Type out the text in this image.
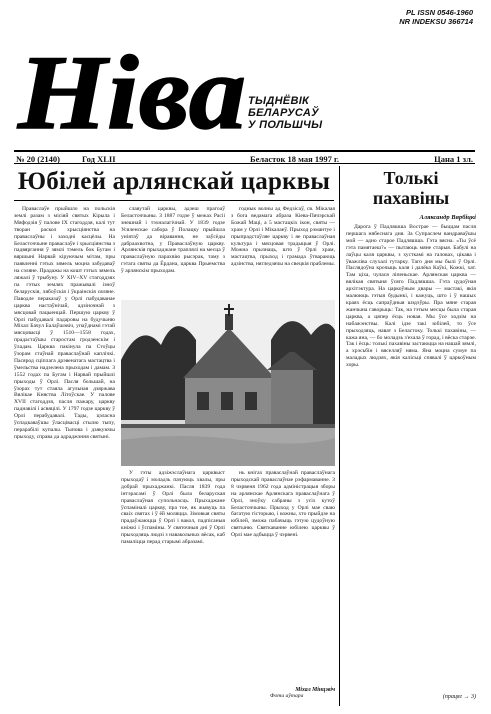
PL ISSN 0546-1960
NR INDEKSU 366714
Ніва ТЫДНЁВІК
БЕЛАРУСАЎ
У ПОЛЬШЧЫ
№ 20 (2140)	Год XLII	Беласток 18 мая 1997 г.	Цана 1 зл.
Юбілей арлянскай царквы	Толькі пахавіны
Аляксандр Вярбіцкі

Праваслаўе прыйшло на польскія землі разам з місіяй святых Кірыла і Мяфодзія ў палове IX стагоддзя, калі тут творан раскол хрысціянства на праваслаўны і заходні касцёлы. На Беласточчыне праваслаўе і хрысціянства з падвяргання ў зямлі тэмель бок Бугам і вяршыні Нарвай кіруючым мітам, пры паявленні гэтых зямель моцна забудаваў на сэляне. Прадажы на кошт гэтых зямель ляжалі ў трыбуну. У XIV–XV стагоддзях па гэтых землях пражывалі ізноў беларускія, лябоўскія і ўкраінскія сяляне. Паводле пераказаў у Орлі пабудаванае царква настаўнічай, адзіночнай з мясцовай пацыенцай. Першую царкву ў Орлі пабудавалі падаровы на будучыню Міхал Бачул Балаўшэвіч, упаўднамі гэтай мясцовасці ў 1510—1558 годах, прадастаўшы старостам гродзенскім і ўладам. Царква пакінула па Стоўцы ўзорам стаўнай праваслаўнай каплічкі. Пасярод сціплага дрэвенатага мастацтва і ўмельства надзелена прыходам і дамам. З 1552 годах па Бугам і Нарвай прыйшлі прыходы ў Орлі. Пасля большай, на ўзорах тут стаяла агульная дзяржава Вялікае Княства Літоўскае. У палове XVII стагоддзя, пасля пажару, царкву паднавілі і асвяцілі. У 1797 годзе царкву ў Орлі перабудавалі. Тады, цэласна ўспадкаваўшы ўласцівасці стылю тыпу, перарабілі купалы. Тыпова і дзякуючы прыходу, справа да адраджэння святыні.

славутай царквы, адзеш прагоаў Беласточчыны. З 1887 годзе ў межах Расіі знешнай і тэхналагічнай. У 1839 годзе Усяленскае сабора ў Полацку прыйшла уніятаў да віравання, не заўсёды дабраахвотна, у Праваслаўную царкву. Арлянскія прыхаджане траплялі на месца ў праваслаўную парахвію рысэрак, таму з гэтага святы да Ёрдана, царква Прыемства ў арлянскім прыходам.

годнык волны ад Федзісаў, св. Мікалая з бога ведамага абраза Кіева-Пячэрскай Божай Маці, а 5 мастацкіх ікон, святы — храм у Орлі і Мікалаеў. Прыход рэмантуе і прыпрадстаўляе царкву і яе праваслаўная культура і мясцовая традыцыя ў Орлі. Можна прызнаць, што ў Орлі храм, мастацтва, прыход і грамада ўтвараюць адзінства, нягледзячы на свецкія праблемы.

У гэты адзіжэслаўнага царквыст прыходаў і моладзь пачуюць хвалы, пры добрай прыхаджанкі. Пасля 1839 года інтэрасамі ў Орлі была беларуская праваслаўная супольнасць. Прыхаджане ўспаміналі царкву, пра тое, як жывуць па сваіх святах і ў ёй моляцца. Зімовыя святы прадаўжаюцца ў Орлі і вакол, падпісаныя кніжкі і ўспаміны. У святочныя дні ў Орлі прыходзяць людзі з навакольных вёсак, каб памаліцца перад старымі абразамі.

нь кнігах праваслаўнай праваслаўнага прыходскай праваслаўнае рэфармаванне. З 8 чэрвеня 1962 года адміністрацыя зборы на арлянскае Арлянскага праваслаўнага ў Орлі, зноўку сабраны з усіх кутоў Беласточчыны. Прыход у Орлі мае сваю багатую гісторыю, і кожны, хто прыйдзе на юбілей, зможа пабачыць гэтую цудоўную святыню. Святкаванне юбілею царквы ў Орлі мае адбыцца ў чэрвені.

Міхал Мінцэвіч
Фота аўтара

Дарога ў Падляшша Вострае — быццам пасля першага нябеснага дня. За Супраслем вандраваўшы мой — адно старое Падляшша. Гэта вясна. «Ты ўсё гэта памятаеш?» — пытаюць мяне старыя. Бабулі на лаўцы каля царквы, з хусткамі на галовах, цікава і ўважліва слухалі гутарку. Таго дня мы былі ў Орлі. Паслядоўна крочыць каля і далёка Каўкі, Кожкі, хат. Там ціха, чулася ліпеньскае. Арлянская царква — вялікая святыня ўсяго Падляшша. Гэта цудоўная архітэктура. На царкоўным двары — мастакі, якія малююць гэтыя будынкі, і кажуць, што і ў нашых краях ёсць сапраўдныя шэдэўры. Пра мяне старая жанчына гаворыць: Так, на гэтым месцы была старая царква, а цяпер ёсць новая. Мы ўсе ходзім на набажэнствы. Калі ідзе такі юбілей, то ўсе прыходзяць, нават з Беластоку. Толькі пахавіны, — кажа яна, — бо моладзь з'ехала ў горад, і вёска старэе. Так і ёсць: толькі пахавіны застаюцца на нашай зямлі, а хрэсьбін і вяселляў няма. Яна моцна сумуе па маладых людзях, якія калісьці спявалі ў царкоўным хоры.

(працяг → 3)
